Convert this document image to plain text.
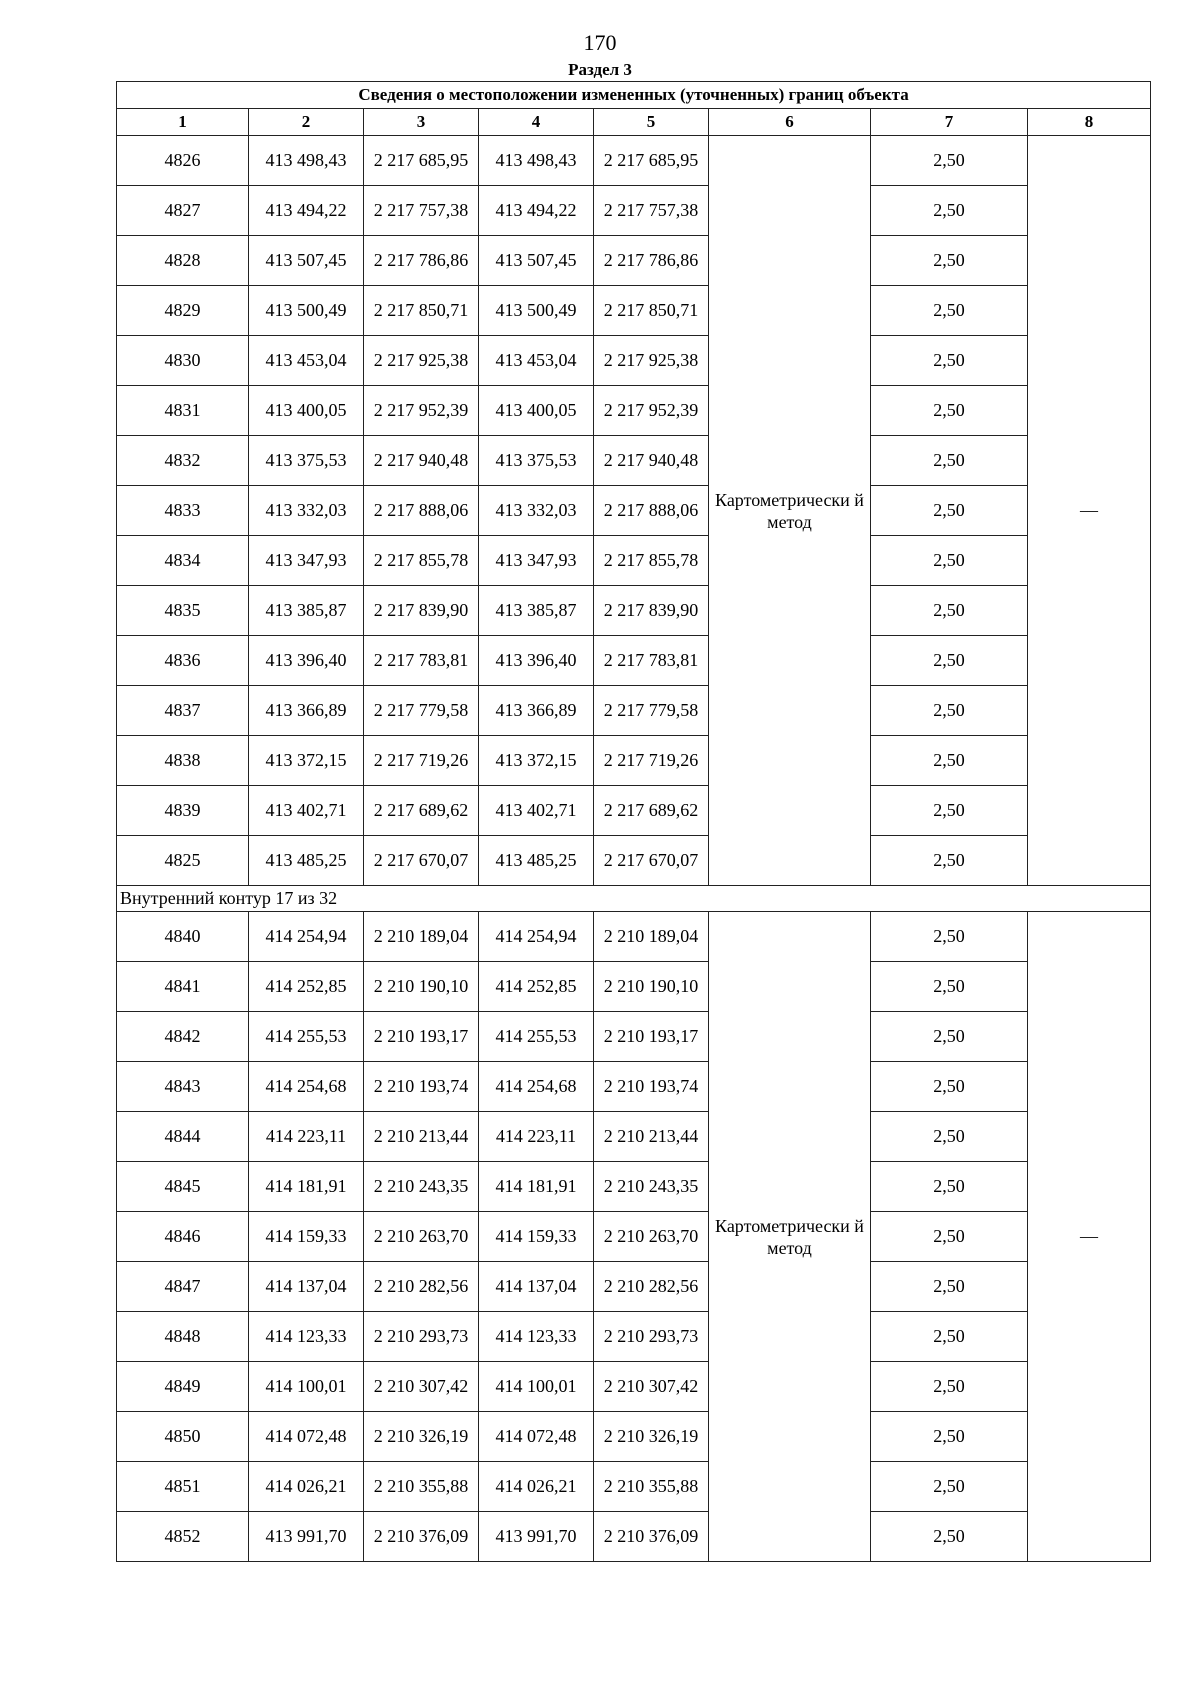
170
Раздел 3
Сведения о местоположении измененных (уточненных) границ объекта							
1	2	3	4	5	6	7	8
4826	413 498,43	2 217 685,95	413 498,43	2 217 685,95	Картометрически й метод	2,50	—
4827	413 494,22	2 217 757,38	413 494,22	2 217 757,38		2,50	
4828	413 507,45	2 217 786,86	413 507,45	2 217 786,86		2,50	
4829	413 500,49	2 217 850,71	413 500,49	2 217 850,71		2,50	
4830	413 453,04	2 217 925,38	413 453,04	2 217 925,38		2,50	
4831	413 400,05	2 217 952,39	413 400,05	2 217 952,39		2,50	
4832	413 375,53	2 217 940,48	413 375,53	2 217 940,48		2,50	
4833	413 332,03	2 217 888,06	413 332,03	2 217 888,06		2,50	
4834	413 347,93	2 217 855,78	413 347,93	2 217 855,78		2,50	
4835	413 385,87	2 217 839,90	413 385,87	2 217 839,90		2,50	
4836	413 396,40	2 217 783,81	413 396,40	2 217 783,81		2,50	
4837	413 366,89	2 217 779,58	413 366,89	2 217 779,58		2,50	
4838	413 372,15	2 217 719,26	413 372,15	2 217 719,26		2,50	
4839	413 402,71	2 217 689,62	413 402,71	2 217 689,62		2,50	
4825	413 485,25	2 217 670,07	413 485,25	2 217 670,07		2,50	
Внутренний контур 17 из 32							
4840	414 254,94	2 210 189,04	414 254,94	2 210 189,04	Картометрически й метод	2,50	—
4841	414 252,85	2 210 190,10	414 252,85	2 210 190,10		2,50	
4842	414 255,53	2 210 193,17	414 255,53	2 210 193,17		2,50	
4843	414 254,68	2 210 193,74	414 254,68	2 210 193,74		2,50	
4844	414 223,11	2 210 213,44	414 223,11	2 210 213,44		2,50	
4845	414 181,91	2 210 243,35	414 181,91	2 210 243,35		2,50	
4846	414 159,33	2 210 263,70	414 159,33	2 210 263,70		2,50	
4847	414 137,04	2 210 282,56	414 137,04	2 210 282,56		2,50	
4848	414 123,33	2 210 293,73	414 123,33	2 210 293,73		2,50	
4849	414 100,01	2 210 307,42	414 100,01	2 210 307,42		2,50	
4850	414 072,48	2 210 326,19	414 072,48	2 210 326,19		2,50	
4851	414 026,21	2 210 355,88	414 026,21	2 210 355,88		2,50	
4852	413 991,70	2 210 376,09	413 991,70	2 210 376,09		2,50	
